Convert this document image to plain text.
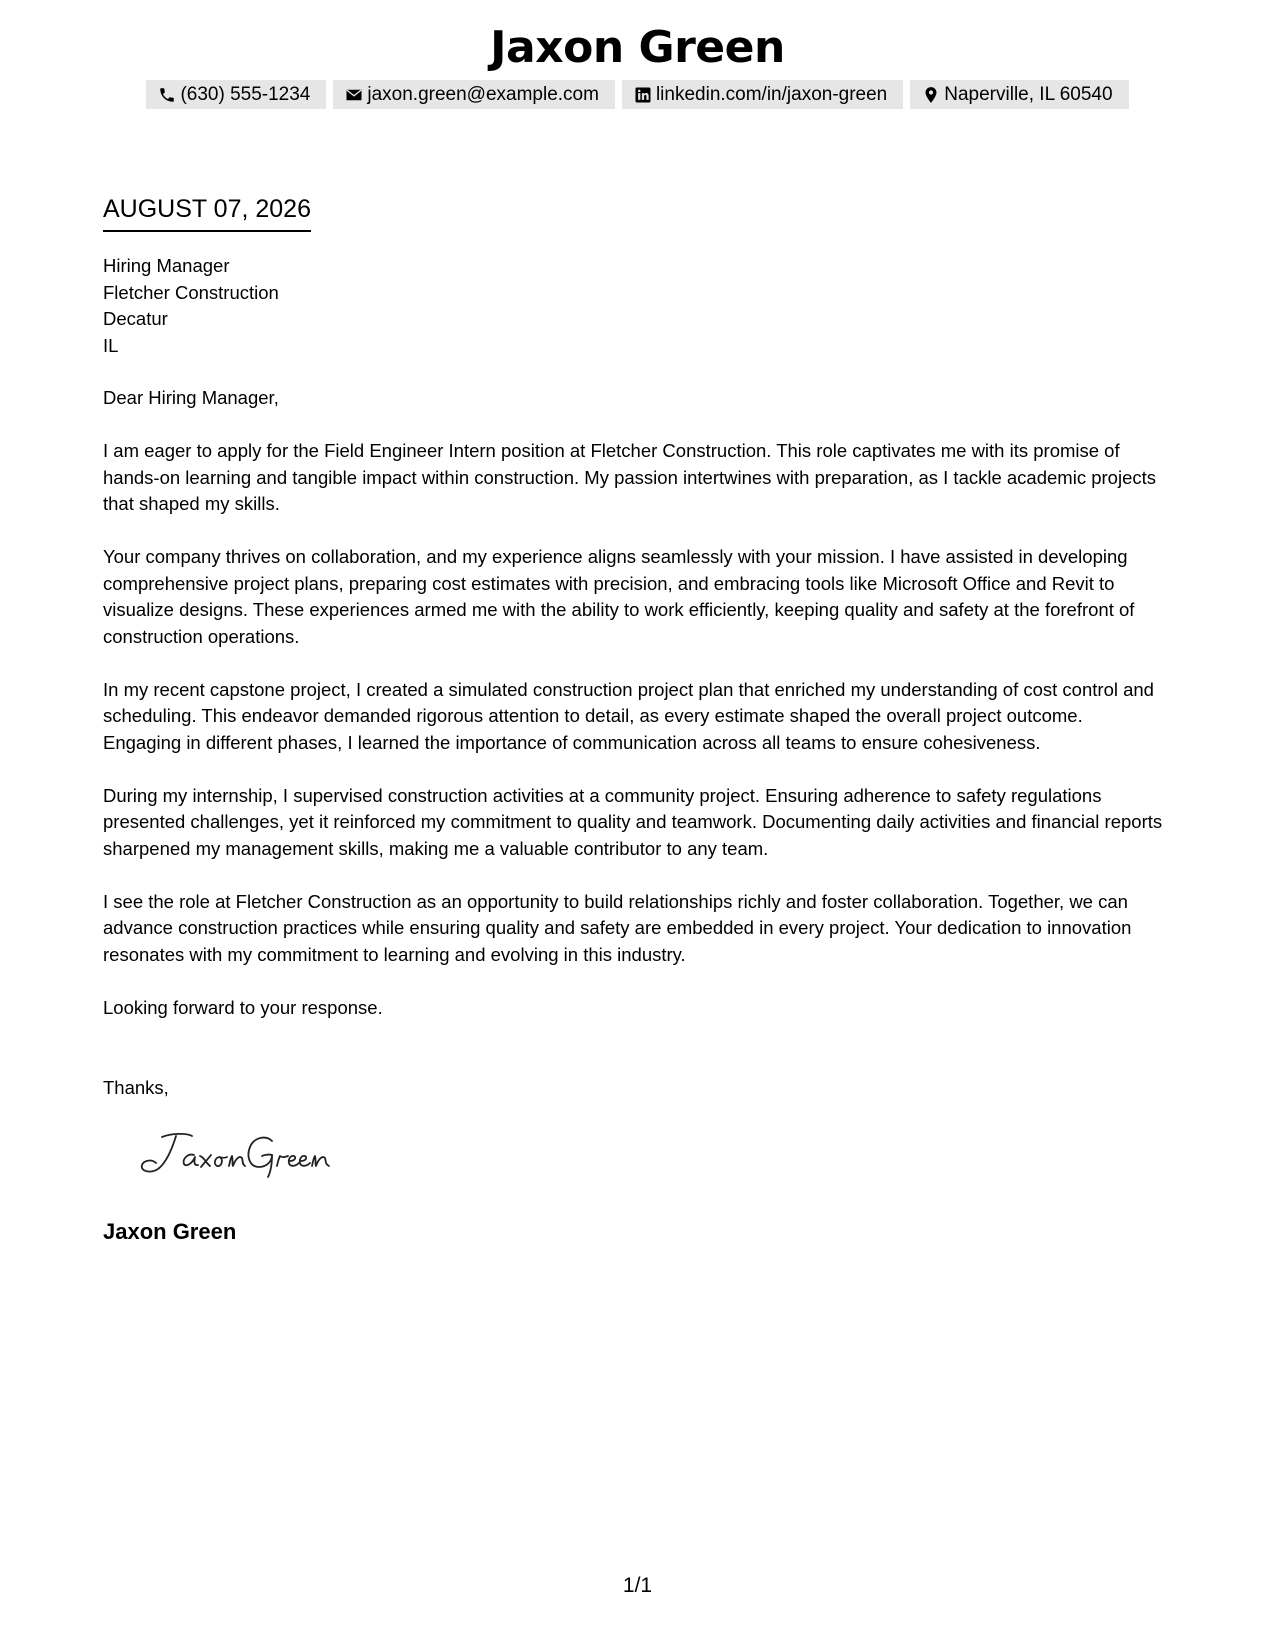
Jaxon Green
(630) 555-1234	jaxon.green@example.com	linkedin.com/in/jaxon-green	Naperville, IL 60540
AUGUST 07, 2026
Hiring Manager
Fletcher Construction
Decatur
IL

Dear Hiring Manager,

I am eager to apply for the Field Engineer Intern position at Fletcher Construction. This role captivates me with its promise of hands-on learning and tangible impact within construction. My passion intertwines with preparation, as I tackle academic projects that shaped my skills.

Your company thrives on collaboration, and my experience aligns seamlessly with your mission. I have assisted in developing comprehensive project plans, preparing cost estimates with precision, and embracing tools like Microsoft Office and Revit to visualize designs. These experiences armed me with the ability to work efficiently, keeping quality and safety at the forefront of construction operations.

In my recent capstone project, I created a simulated construction project plan that enriched my understanding of cost control and scheduling. This endeavor demanded rigorous attention to detail, as every estimate shaped the overall project outcome. Engaging in different phases, I learned the importance of communication across all teams to ensure cohesiveness.

During my internship, I supervised construction activities at a community project. Ensuring adherence to safety regulations presented challenges, yet it reinforced my commitment to quality and teamwork. Documenting daily activities and financial reports sharpened my management skills, making me a valuable contributor to any team.

I see the role at Fletcher Construction as an opportunity to build relationships richly and foster collaboration. Together, we can advance construction practices while ensuring quality and safety are embedded in every project. Your dedication to innovation resonates with my commitment to learning and evolving in this industry.

Looking forward to your response.

Thanks,
Jaxon Green
1/1
